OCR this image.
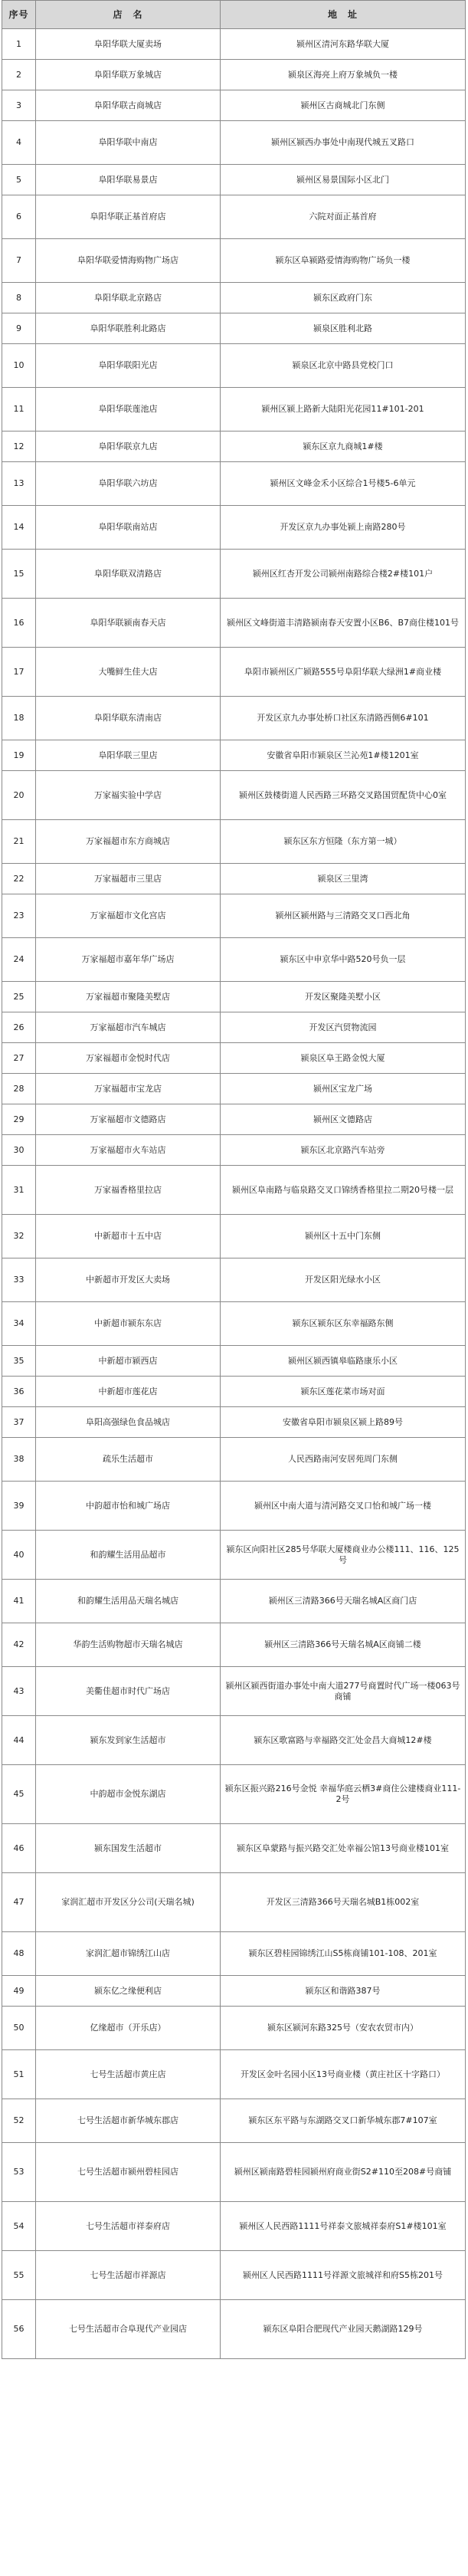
序号	店　名	地　址
1	阜阳华联大厦卖场	颍州区清河东路华联大厦
2	阜阳华联万象城店	颍泉区海亮上府万象城负一楼
3	阜阳华联古商城店	颍州区古商城北门东侧
4	阜阳华联中南店	颍州区颍西办事处中南现代城五叉路口
5	阜阳华联易景店	颍州区易景国际小区北门
6	阜阳华联正基首府店	六院对面正基首府
7	阜阳华联爱情海购物广场店	颍东区阜颍路爱情海购物广场负一楼
8	阜阳华联北京路店	颍东区政府门东
9	阜阳华联胜利北路店	颍泉区胜利北路
10	阜阳华联阳光店	颍泉区北京中路县党校门口
11	阜阳华联莲池店	颍州区颍上路新大陆阳光花园11#101-201
12	阜阳华联京九店	颍东区京九商城1#楼
13	阜阳华联六坊店	颍州区文峰金禾小区综合1号楼5-6单元
14	阜阳华联南站店	开发区京九办事处颍上南路280号
15	阜阳华联双清路店	颍州区红杏开发公司颍州南路综合楼2#楼101户
16	阜阳华联颍南春天店	颍州区文峰街道丰清路颍南春天安置小区B6、B7商住楼101号
17	大嘴鲜生佳大店	阜阳市颍州区广颍路555号阜阳华联大绿洲1#商业楼
18	阜阳华联东清南店	开发区京九办事处桥口社区东清路西侧6#101
19	阜阳华联三里店	安徽省阜阳市颍泉区兰沁苑1#楼1201室
20	万家福实验中学店	颍州区鼓楼街道人民西路三环路交叉路国贸配货中心0室
21	万家福超市东方商城店	颍东区东方恒隆（东方第一城）
22	万家福超市三里店	颍泉区三里湾
23	万家福超市文化宫店	颍州区颍州路与三清路交叉口西北角
24	万家福超市嘉年华广场店	颍东区中申京华中路520号负一层
25	万家福超市聚隆美墅店	开发区聚隆美墅小区
26	万家福超市汽车城店	开发区汽贸物流园
27	万家福超市金悦时代店	颍泉区阜王路金悦大厦
28	万家福超市宝龙店	颍州区宝龙广场
29	万家福超市文德路店	颍州区文德路店
30	万家福超市火车站店	颍东区北京路汽车站旁
31	万家福香格里拉店	颍州区阜南路与临泉路交叉口锦绣香格里拉二期20号楼一层
32	中新超市十五中店	颍州区十五中门东侧
33	中新超市开发区大卖场	开发区阳光绿水小区
34	中新超市颍东东店	颍东区颍东区东幸福路东侧
35	中新超市颍西店	颍州区颍西镇皋临路康乐小区
36	中新超市莲花店	颍东区莲花菜市场对面
37	阜阳高强绿色食品城店	安徽省阜阳市颍泉区颍上路89号
38	疏乐生活超市	人民西路南河安居苑周门东侧
39	中韵超市怡和城广场店	颍州区中南大道与清河路交叉口怡和城广场一楼
40	和韵耀生活用品超市	颍东区向阳社区285号华联大厦楼商业办公楼111、116、125号
41	和韵耀生活用品天瑞名城店	颍州区三清路366号天瑞名城A区商门店
42	华韵生活购物超市天瑞名城店	颍州区三清路366号天瑞名城A区商铺二楼
43	美衢佳超市时代广场店	颍州区颍西街道办事处中南大道277号商置时代广场一楼063号商铺
44	颍东发到家生活超市	颍东区歌富路与幸福路交汇处金昌大商城12#楼
45	中韵超市金悦东湖店	颍东区振兴路216号金悦 幸福华庭云栖3#商住公建楼商业111-2号
46	颍东国发生活超市	颍东区阜蒙路与振兴路交汇处幸福公馆13号商业楼101室
47	家润汇超市开发区分公司(天瑞名城)	开发区三清路366号天瑞名城B1栋002室
48	家润汇超市锦绣江山店	颍东区碧桂园锦绣江山S5栋商铺101-108、201室
49	颍东亿之缘便利店	颍东区和谐路387号
50	亿缘超市（开乐店）	颍东区颍河东路325号（安农农贸市内）
51	七号生活超市黄庄店	开发区金叶名园小区13号商业楼（黄庄社区十字路口）
52	七号生活超市新华城东郡店	颍东区东平路与东湖路交叉口新华城东郡7#107室
53	七号生活超市颍州碧桂园店	颍州区颍南路碧桂园颍州府商业街S2#110至208#号商铺
54	七号生活超市祥泰府店	颍州区人民西路1111号祥泰文旅城祥泰府S1#楼101室
55	七号生活超市祥源店	颍州区人民西路1111号祥源文旅城祥和府S5栋201号
56	七号生活超市合阜现代产业园店	颍东区阜阳合肥现代产业园天鹅湖路129号
